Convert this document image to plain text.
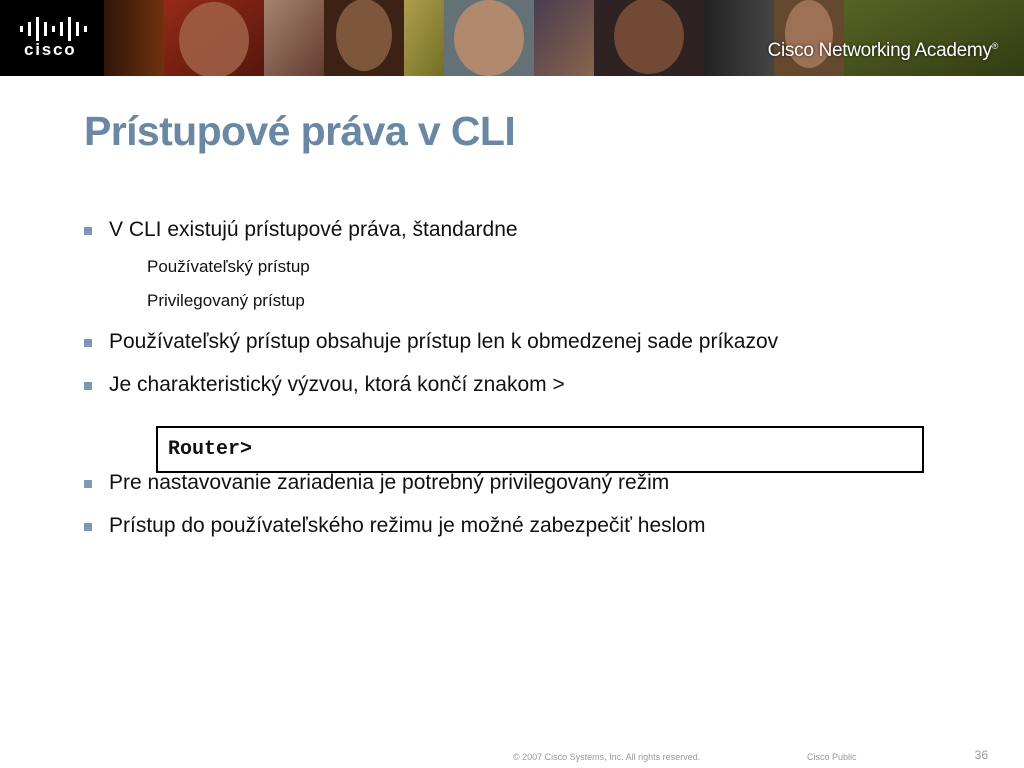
cisco	Cisco Networking Academy®
Prístupové práva v CLI
V CLI existujú prístupové práva, štandardne
Používateľský prístup
Privilegovaný prístup
Používateľský prístup obsahuje prístup len k obmedzenej sade príkazov
Je charakteristický výzvou, ktorá končí znakom >
Router>
Pre nastavovanie zariadenia je potrebný privilegovaný režim
Prístup do používateľského režimu je možné zabezpečiť heslom
© 2007 Cisco Systems, Inc. All rights reserved.	Cisco Public	36
